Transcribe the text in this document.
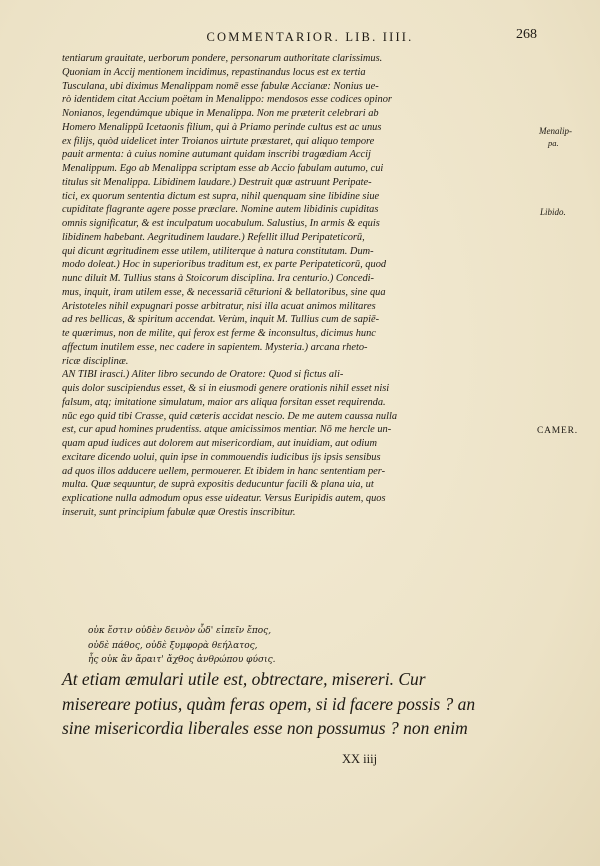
COMMENTARIOR. LIB. IIII.	268
tentiarum grauitate, uerborum pondere, personarum authoritate clarissimus.
Quoniam in Accij mentionem incidimus, repastinandus locus est ex tertia
Tusculana, ubi diximus Menalippam nomē esse fabulæ Accianæ: Nonius ue-
rò identidem citat Accium poëtam in Menalippo: mendosos esse codices opinor
Nonianos, legendúmque ubique in Menalippa. Non me præterit celebrari ab
Homero Menalippū Icetaonis filium, qui à Priamo perinde cultus est ac unus
ex filijs, quòd uidelicet inter Troianos uirtute præstaret, qui aliquo tempore
pauit armenta: à cuius nomine autumant quidam inscribi tragœdiam Accij
Menalippum. Ego ab Menalippa scriptam esse ab Accio fabulam autumo, cui
titulus sit Menalippa. Libidinem laudare.) Destruit quæ astruunt Peripate-
tici, ex quorum sententia dictum est supra, nihil quenquam sine libidine siue
cupiditate flagrante agere posse præclare. Nomine autem libidinis cupiditas
omnis significatur, & est inculpatum uocabulum. Salustius, In armis & equis
libidinem habebant. Aegritudinem laudare.) Refellit illud Peripateticorū,
qui dicunt ægritudinem esse utilem, utiliterque à natura constitutam. Dum-
modo doleat.) Hoc in superioribus traditum est, ex parte Peripateticorū, quod
nunc diluit M. Tullius stans à Stoicorum disciplina. Ira centurio.) Concedi-
mus, inquit, iram utilem esse, & necessariā cēturioni & bellatoribus, sine qua
Aristoteles nihil expugnari posse arbitratur, nisi illa acuat animos militares
ad res bellicas, & spiritum accendat. Verùm, inquit M. Tullius cum de sapiē-
te quærimus, non de milite, qui ferox est ferme & inconsultus, dicimus hunc
affectum inutilem esse, nec cadere in sapientem. Mysteria.) arcana rheto-
ricæ disciplinæ.
AN TIBI irasci.) Aliter libro secundo de Oratore: Quod si fictus ali-
quis dolor suscipiendus esset, & si in eiusmodi genere orationis nihil esset nisi
falsum, atq; imitatione simulatum, maior ars aliqua forsitan esset requirenda.
nūc ego quid tibi Crasse, quid cæteris accidat nescio. De me autem caussa nulla
est, cur apud homines prudentiss. atque amicissimos mentiar. Nō me hercle un-
quam apud iudices aut dolorem aut misericordiam, aut inuidiam, aut odium
excitare dicendo uolui, quin ipse in commouendis iudicibus ijs ipsis sensibus
ad quos illos adducere uellem, permouerer. Et ibidem in hanc sententiam per-
multa. Quæ sequuntur, de suprà expositis deducuntur facili & plana uia, ut
explicatione nulla admodum opus esse uideatur. Versus Euripidis autem, quos
inseruit, sunt principium fabulæ quæ Orestis inscribitur.
οὐκ ἔστιν οὐδὲν δεινὸν ὧδ' εἰπεῖν ἔπος,
οὐδὲ πάθος, οὐδὲ ξυμφορὰ θεήλατος,
ἧς οὐκ ἂν ἄραιτ' ἄχθος ἀνθρώπου φύσις.
Menalip-
pa.
Libido.
CAMER.
At etiam æmulari utile est, obtrectare, misereri. Cur
misereare potius, quàm feras opem, si id facere possis ? an
sine misericordia liberales esse non possumus ? non enim
XX iiij
